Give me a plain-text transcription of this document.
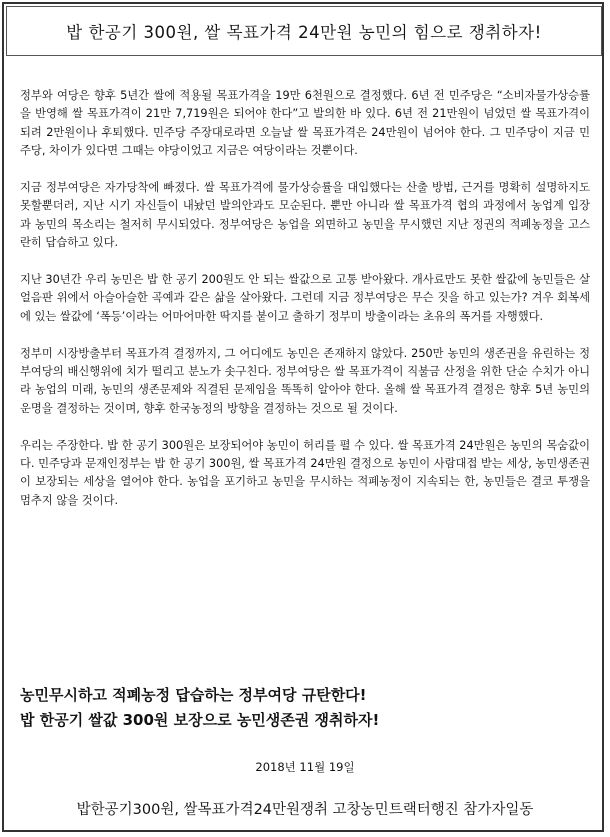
밥 한공기 300원, 쌀 목표가격 24만원 농민의 힘으로 쟁취하자!

정부와 여당은 향후 5년간 쌀에 적용될 목표가격을 19만 6천원으로 결정했다. 6년 전 민주당은 “소비자물가상승률을 반영해 쌀 목표가격이 21만 7,719원은 되어야 한다”고 발의한 바 있다. 6년 전 21만원이 넘었던 쌀 목표가격이 되려 2만원이나 후퇴했다. 민주당 주장대로라면 오늘날 쌀 목표가격은 24만원이 넘어야 한다. 그 민주당이 지금 민주당, 차이가 있다면 그때는 야당이었고 지금은 여당이라는 것뿐이다.

지금 정부여당은 자가당착에 빠졌다. 쌀 목표가격에 물가상승률을 대입했다는 산출 방법, 근거를 명확히 설명하지도 못할뿐더러, 지난 시기 자신들이 내놨던 발의안과도 모순된다. 뿐만 아니라 쌀 목표가격 협의 과정에서 농업계 입장과 농민의 목소리는 철저히 무시되었다. 정부여당은 농업을 외면하고 농민을 무시했던 지난 정권의 적폐농정을 고스란히 답습하고 있다.

지난 30년간 우리 농민은 밥 한 공기 200원도 안 되는 쌀값으로 고통 받아왔다. 개사료만도 못한 쌀값에 농민들은 살얼음판 위에서 아슬아슬한 곡예과 같은 삶을 살아왔다. 그런데 지금 정부여당은 무슨 짓을 하고 있는가? 겨우 회복세에 있는 쌀값에 ‘폭등’이라는 어마어마한 딱지를 붙이고 출하기 정부미 방출이라는 초유의 폭거를 자행했다.

정부미 시장방출부터 목표가격 결정까지, 그 어디에도 농민은 존재하지 않았다. 250만 농민의 생존권을 유린하는 정부여당의 배신행위에 치가 떨리고 분노가 솟구친다. 정부여당은 쌀 목표가격이 직불금 산정을 위한 단순 수치가 아니라 농업의 미래, 농민의 생존문제와 직결된 문제임을 똑똑히 알아야 한다. 올해 쌀 목표가격 결정은 향후 5년 농민의 운명을 결정하는 것이며, 향후 한국농정의 방향을 결정하는 것으로 될 것이다.

우리는 주장한다. 밥 한 공기 300원은 보장되어야 농민이 허리를 펼 수 있다. 쌀 목표가격 24만원은 농민의 목숨값이다. 민주당과 문재인정부는 밥 한 공기 300원, 쌀 목표가격 24만원 결정으로 농민이 사람대접 받는 세상, 농민생존권이 보장되는 세상을 열어야 한다. 농업을 포기하고 농민을 무시하는 적폐농정이 지속되는 한, 농민들은 결코 투쟁을 멈추지 않을 것이다.

농민무시하고 적폐농정 답습하는 정부여당 규탄한다!
밥 한공기 쌀값 300원 보장으로 농민생존권 쟁취하자!
2018년 11월 19일
밥한공기300원, 쌀목표가격24만원쟁취 고창농민트랙터행진 참가자일동
